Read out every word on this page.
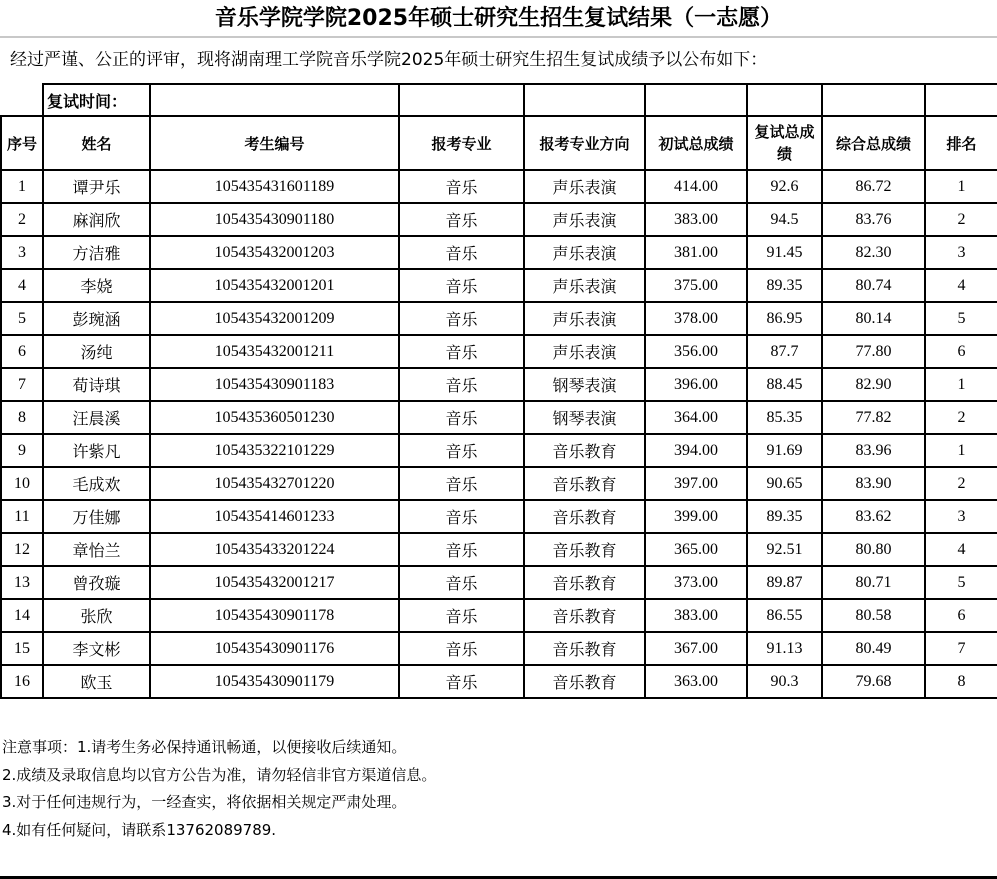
音乐学院学院2025年硕士研究生招生复试结果（一志愿）
经过严谨、公正的评审，现将湖南理工学院音乐学院2025年硕士研究生招生复试成绩予以公布如下：
	复试时间：							
序号	姓名	考生编号	报考专业	报考专业方向	初试总成绩	复试总成绩	综合总成绩	排名
1	谭尹乐	105435431601189	音乐	声乐表演	414.00	92.6	86.72	1
2	麻润欣	105435430901180	音乐	声乐表演	383.00	94.5	83.76	2
3	方洁雅	105435432001203	音乐	声乐表演	381.00	91.45	82.30	3
4	李娆	105435432001201	音乐	声乐表演	375.00	89.35	80.74	4
5	彭琬涵	105435432001209	音乐	声乐表演	378.00	86.95	80.14	5
6	汤纯	105435432001211	音乐	声乐表演	356.00	87.7	77.80	6
7	荀诗琪	105435430901183	音乐	钢琴表演	396.00	88.45	82.90	1
8	汪晨溪	105435360501230	音乐	钢琴表演	364.00	85.35	77.82	2
9	许紫凡	105435322101229	音乐	音乐教育	394.00	91.69	83.96	1
10	毛成欢	105435432701220	音乐	音乐教育	397.00	90.65	83.90	2
11	万佳娜	105435414601233	音乐	音乐教育	399.00	89.35	83.62	3
12	章怡兰	105435433201224	音乐	音乐教育	365.00	92.51	80.80	4
13	曾孜璇	105435432001217	音乐	音乐教育	373.00	89.87	80.71	5
14	张欣	105435430901178	音乐	音乐教育	383.00	86.55	80.58	6
15	李文彬	105435430901176	音乐	音乐教育	367.00	91.13	80.49	7
16	欧玉	105435430901179	音乐	音乐教育	363.00	90.3	79.68	8
注意事项：1.请考生务必保持通讯畅通，以便接收后续通知。
2.成绩及录取信息均以官方公告为准，请勿轻信非官方渠道信息。
3.对于任何违规行为，一经查实，将依据相关规定严肃处理。
4.如有任何疑问，请联系13762089789.
